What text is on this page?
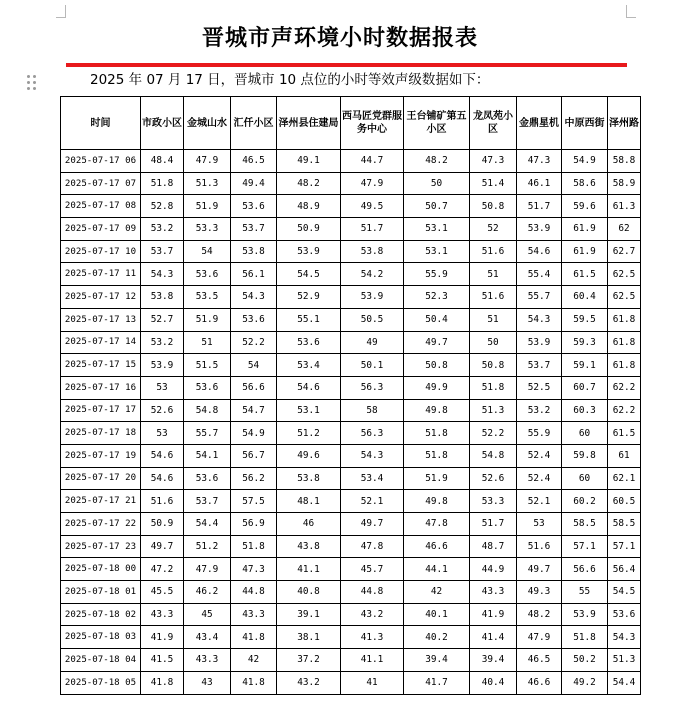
晋城市声环境小时数据报表
2025 年 07 月 17 日，晋城市 10 点位的小时等效声级数据如下：
时间	市政小区	金城山水	汇仟小区	泽州县住建局	西马匠党群服务中心	王台铺矿第五小区	龙凤苑小区	金鼎星机	中原西街	泽州路
2025-07-17 06	48.4	47.9	46.5	49.1	44.7	48.2	47.3	47.3	54.9	58.8
2025-07-17 07	51.8	51.3	49.4	48.2	47.9	50	51.4	46.1	58.6	58.9
2025-07-17 08	52.8	51.9	53.6	48.9	49.5	50.7	50.8	51.7	59.6	61.3
2025-07-17 09	53.2	53.3	53.7	50.9	51.7	53.1	52	53.9	61.9	62
2025-07-17 10	53.7	54	53.8	53.9	53.8	53.1	51.6	54.6	61.9	62.7
2025-07-17 11	54.3	53.6	56.1	54.5	54.2	55.9	51	55.4	61.5	62.5
2025-07-17 12	53.8	53.5	54.3	52.9	53.9	52.3	51.6	55.7	60.4	62.5
2025-07-17 13	52.7	51.9	53.6	55.1	50.5	50.4	51	54.3	59.5	61.8
2025-07-17 14	53.2	51	52.2	53.6	49	49.7	50	53.9	59.3	61.8
2025-07-17 15	53.9	51.5	54	53.4	50.1	50.8	50.8	53.7	59.1	61.8
2025-07-17 16	53	53.6	56.6	54.6	56.3	49.9	51.8	52.5	60.7	62.2
2025-07-17 17	52.6	54.8	54.7	53.1	58	49.8	51.3	53.2	60.3	62.2
2025-07-17 18	53	55.7	54.9	51.2	56.3	51.8	52.2	55.9	60	61.5
2025-07-17 19	54.6	54.1	56.7	49.6	54.3	51.8	54.8	52.4	59.8	61
2025-07-17 20	54.6	53.6	56.2	53.8	53.4	51.9	52.6	52.4	60	62.1
2025-07-17 21	51.6	53.7	57.5	48.1	52.1	49.8	53.3	52.1	60.2	60.5
2025-07-17 22	50.9	54.4	56.9	46	49.7	47.8	51.7	53	58.5	58.5
2025-07-17 23	49.7	51.2	51.8	43.8	47.8	46.6	48.7	51.6	57.1	57.1
2025-07-18 00	47.2	47.9	47.3	41.1	45.7	44.1	44.9	49.7	56.6	56.4
2025-07-18 01	45.5	46.2	44.8	40.8	44.8	42	43.3	49.3	55	54.5
2025-07-18 02	43.3	45	43.3	39.1	43.2	40.1	41.9	48.2	53.9	53.6
2025-07-18 03	41.9	43.4	41.8	38.1	41.3	40.2	41.4	47.9	51.8	54.3
2025-07-18 04	41.5	43.3	42	37.2	41.1	39.4	39.4	46.5	50.2	51.3
2025-07-18 05	41.8	43	41.8	43.2	41	41.7	40.4	46.6	49.2	54.4
